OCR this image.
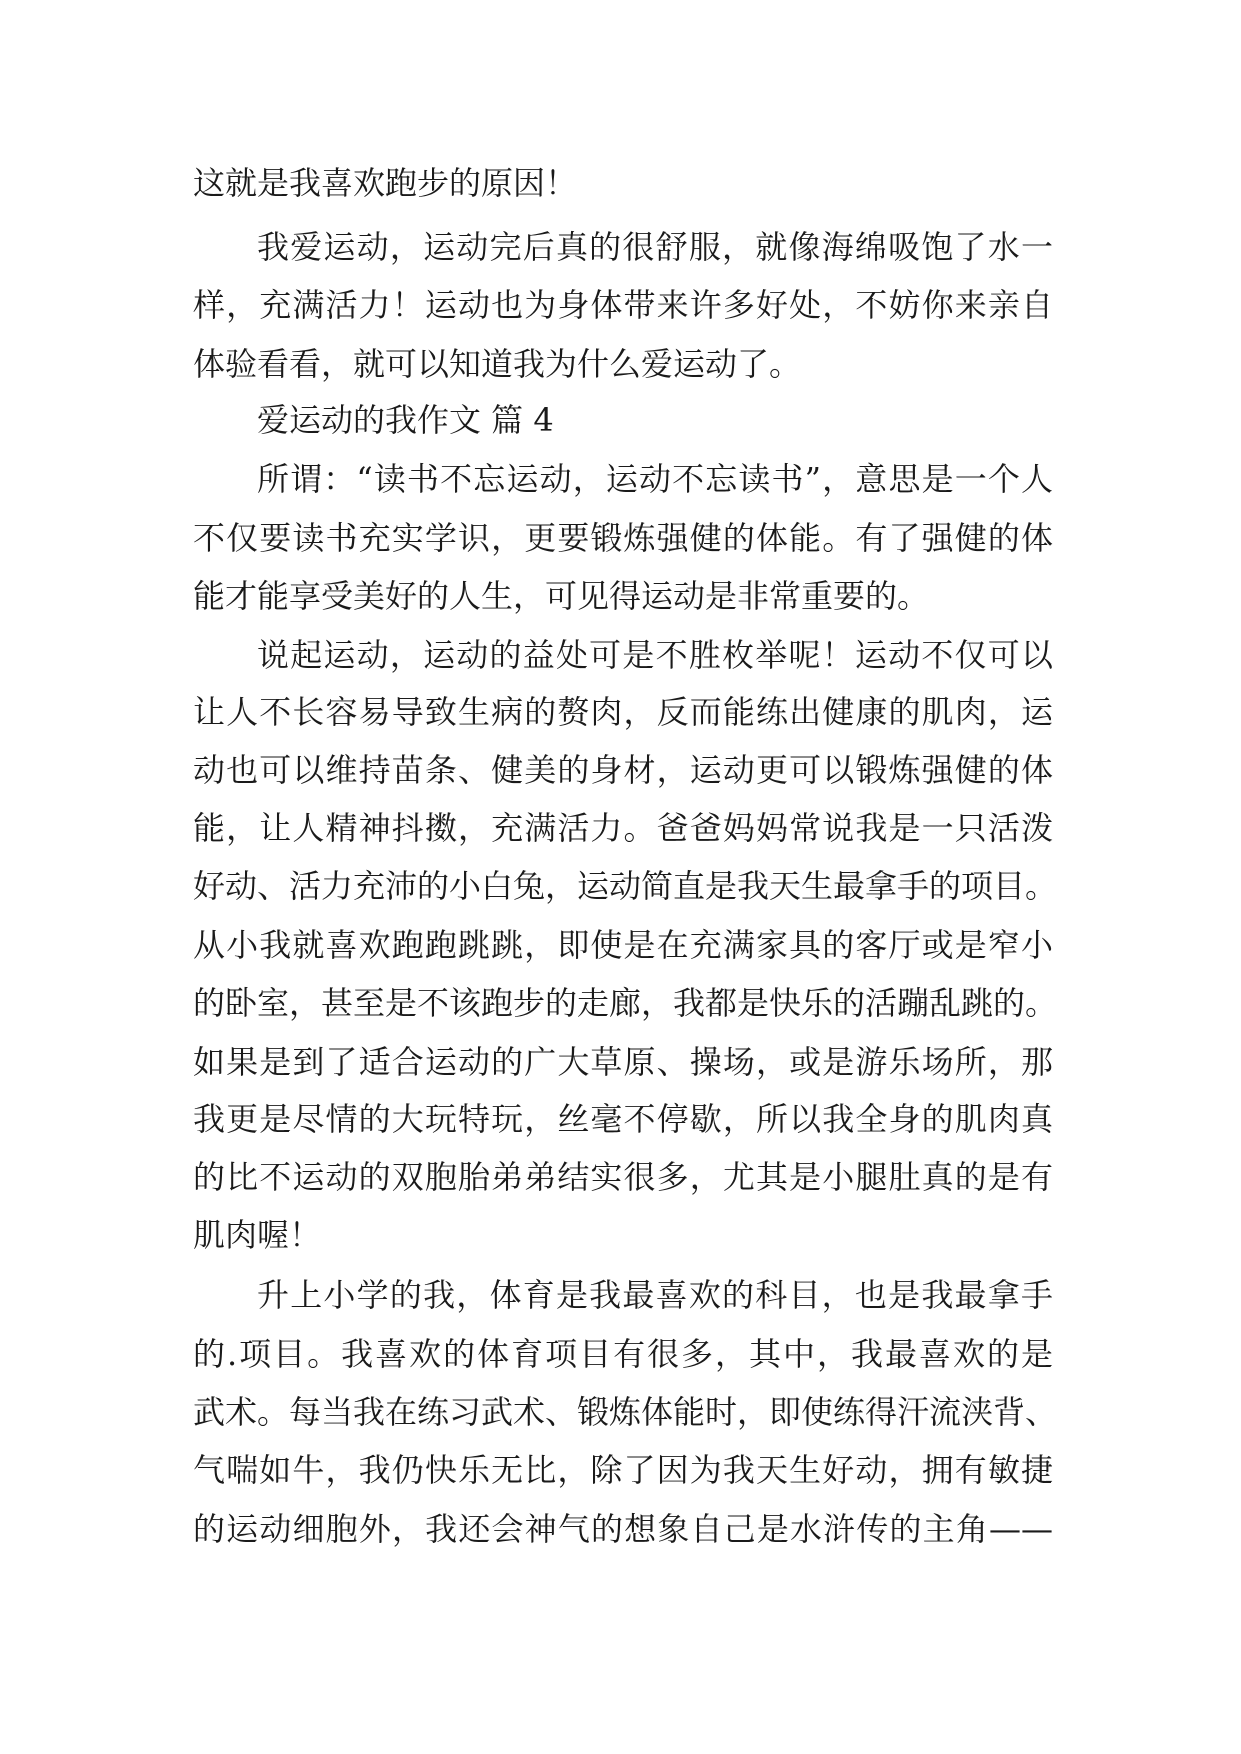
这就是我喜欢跑步的原因！
我爱运动，运动完后真的很舒服，就像海绵吸饱了水一
样，充满活力！运动也为身体带来许多好处，不妨你来亲自
体验看看，就可以知道我为什么爱运动了。
爱运动的我作文 篇 4
所谓：“读书不忘运动，运动不忘读书”，意思是一个人
不仅要读书充实学识，更要锻炼强健的体能。有了强健的体
能才能享受美好的人生，可见得运动是非常重要的。
说起运动，运动的益处可是不胜枚举呢！运动不仅可以
让人不长容易导致生病的赘肉，反而能练出健康的肌肉，运
动也可以维持苗条、健美的身材，运动更可以锻炼强健的体
能，让人精神抖擞，充满活力。爸爸妈妈常说我是一只活泼
好动、活力充沛的小白兔，运动简直是我天生最拿手的项目。
从小我就喜欢跑跑跳跳，即使是在充满家具的客厅或是窄小
的卧室，甚至是不该跑步的走廊，我都是快乐的活蹦乱跳的。
如果是到了适合运动的广大草原、操场，或是游乐场所，那
我更是尽情的大玩特玩，丝毫不停歇，所以我全身的肌肉真
的比不运动的双胞胎弟弟结实很多，尤其是小腿肚真的是有
肌肉喔！
升上小学的我，体育是我最喜欢的科目，也是我最拿手
的.项目。我喜欢的体育项目有很多，其中，我最喜欢的是
武术。每当我在练习武术、锻炼体能时，即使练得汗流浃背、
气喘如牛，我仍快乐无比，除了因为我天生好动，拥有敏捷
的运动细胞外，我还会神气的想象自己是水浒传的主角——
